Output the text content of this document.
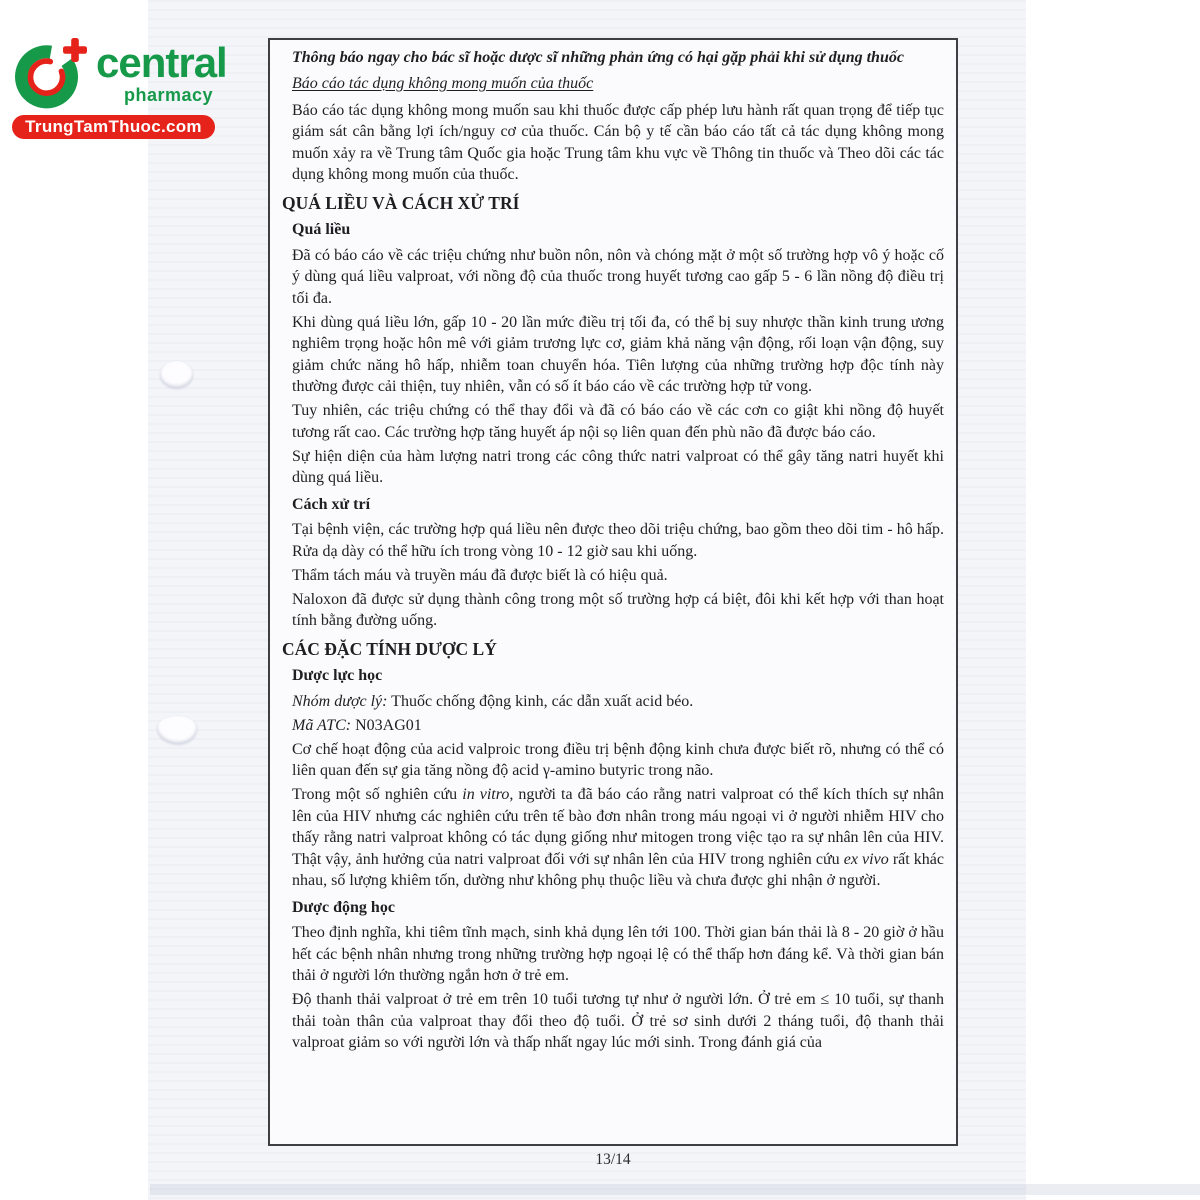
central
pharmacy
TrungTamThuoc.com

Thông báo ngay cho bác sĩ hoặc dược sĩ những phản ứng có hại gặp phải khi sử dụng thuốc

Báo cáo tác dụng không mong muốn của thuốc

Báo cáo tác dụng không mong muốn sau khi thuốc được cấp phép lưu hành rất quan trọng để tiếp tục giám sát cân bằng lợi ích/nguy cơ của thuốc. Cán bộ y tế cần báo cáo tất cả tác dụng không mong muốn xảy ra về Trung tâm Quốc gia hoặc Trung tâm khu vực về Thông tin thuốc và Theo dõi các tác dụng không mong muốn của thuốc.

QUÁ LIỀU VÀ CÁCH XỬ TRÍ

Quá liều

Đã có báo cáo về các triệu chứng như buồn nôn, nôn và chóng mặt ở một số trường hợp vô ý hoặc cố ý dùng quá liều valproat, với nồng độ của thuốc trong huyết tương cao gấp 5 - 6 lần nồng độ điều trị tối đa.

Khi dùng quá liều lớn, gấp 10 - 20 lần mức điều trị tối đa, có thể bị suy nhược thần kinh trung ương nghiêm trọng hoặc hôn mê với giảm trương lực cơ, giảm khả năng vận động, rối loạn vận động, suy giảm chức năng hô hấp, nhiễm toan chuyển hóa. Tiên lượng của những trường hợp độc tính này thường được cải thiện, tuy nhiên, vẫn có số ít báo cáo về các trường hợp tử vong.

Tuy nhiên, các triệu chứng có thể thay đổi và đã có báo cáo về các cơn co giật khi nồng độ huyết tương rất cao. Các trường hợp tăng huyết áp nội sọ liên quan đến phù não đã được báo cáo.

Sự hiện diện của hàm lượng natri trong các công thức natri valproat có thể gây tăng natri huyết khi dùng quá liều.

Cách xử trí

Tại bệnh viện, các trường hợp quá liều nên được theo dõi triệu chứng, bao gồm theo dõi tim - hô hấp. Rửa dạ dày có thể hữu ích trong vòng 10 - 12 giờ sau khi uống.

Thẩm tách máu và truyền máu đã được biết là có hiệu quả.

Naloxon đã được sử dụng thành công trong một số trường hợp cá biệt, đôi khi kết hợp với than hoạt tính bằng đường uống.

CÁC ĐẶC TÍNH DƯỢC LÝ

Dược lực học

Nhóm dược lý: Thuốc chống động kinh, các dẫn xuất acid béo.

Mã ATC: N03AG01

Cơ chế hoạt động của acid valproic trong điều trị bệnh động kinh chưa được biết rõ, nhưng có thể có liên quan đến sự gia tăng nồng độ acid γ-amino butyric trong não.

Trong một số nghiên cứu in vitro, người ta đã báo cáo rằng natri valproat có thể kích thích sự nhân lên của HIV nhưng các nghiên cứu trên tế bào đơn nhân trong máu ngoại vi ở người nhiễm HIV cho thấy rằng natri valproat không có tác dụng giống như mitogen trong việc tạo ra sự nhân lên của HIV. Thật vậy, ảnh hưởng của natri valproat đối với sự nhân lên của HIV trong nghiên cứu ex vivo rất khác nhau, số lượng khiêm tốn, dường như không phụ thuộc liều và chưa được ghi nhận ở người.

Dược động học

Theo định nghĩa, khi tiêm tĩnh mạch, sinh khả dụng lên tới 100. Thời gian bán thải là 8 - 20 giờ ở hầu hết các bệnh nhân nhưng trong những trường hợp ngoại lệ có thể thấp hơn đáng kể. Và thời gian bán thải ở người lớn thường ngắn hơn ở trẻ em.

Độ thanh thải valproat ở trẻ em trên 10 tuổi tương tự như ở người lớn. Ở trẻ em ≤ 10 tuổi, sự thanh thải toàn thân của valproat thay đổi theo độ tuổi. Ở trẻ sơ sinh dưới 2 tháng tuổi, độ thanh thải valproat giảm so với người lớn và thấp nhất ngay lúc mới sinh. Trong đánh giá của

13/14
